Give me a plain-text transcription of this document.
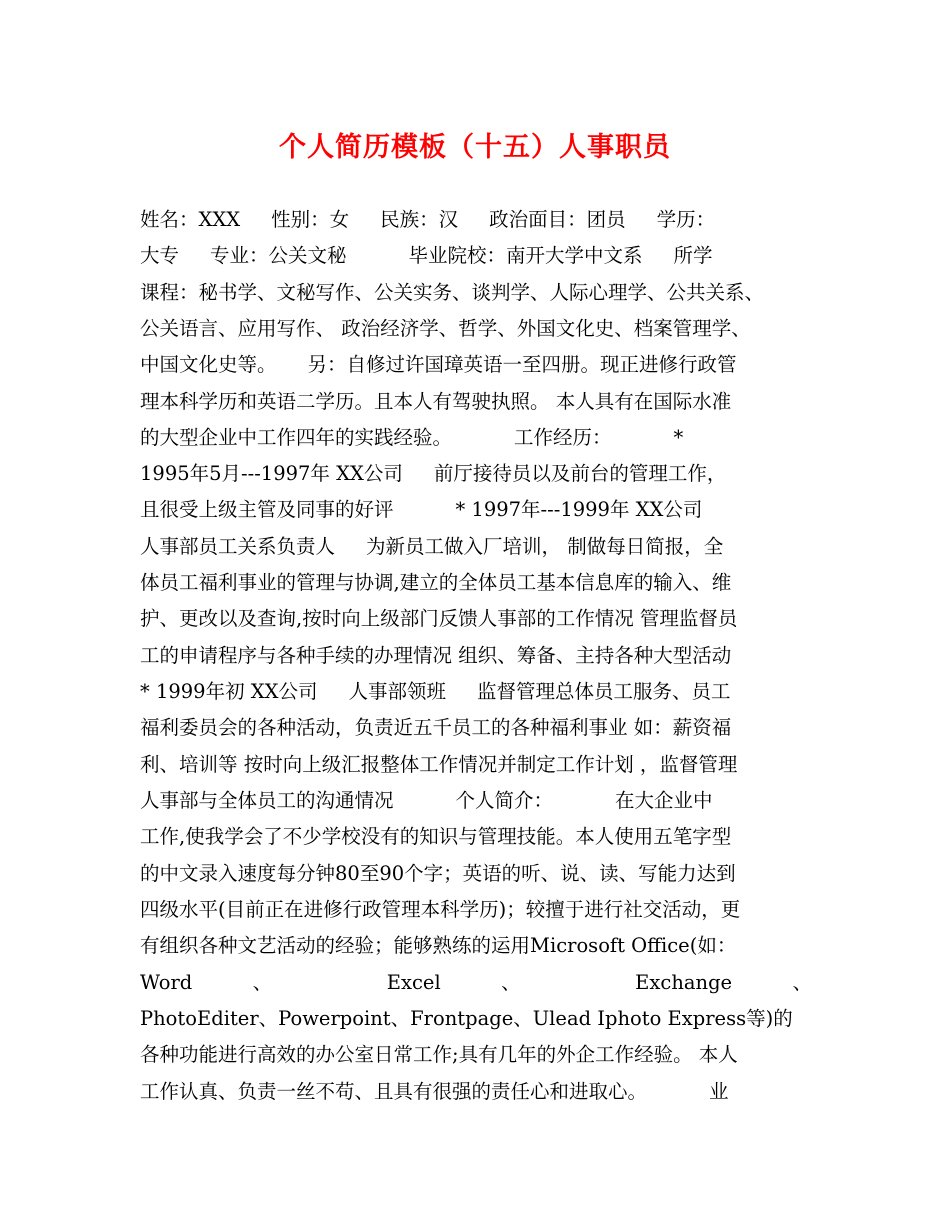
个人简历模板（十五）人事职员
姓名：XXX     性别：女     民族：汉     政治面目：团员     学历：
大专     专业：公关文秘          毕业院校：南开大学中文系     所学
课程：秘书学、文秘写作、公关实务、谈判学、人际心理学、公共关系、
公关语言、应用写作、 政治经济学、哲学、外国文化史、档案管理学、
中国文化史等。     另：自修过许国璋英语一至四册。现正进修行政管
理本科学历和英语二学历。且本人有驾驶执照。 本人具有在国际水准
的大型企业中工作四年的实践经验。          工作经历：          *
1995年5月---1997年 XX公司     前厅接待员以及前台的管理工作，
且很受上级主管及同事的好评          * 1997年---1999年 XX公司
人事部员工关系负责人     为新员工做入厂培训， 制做每日简报，全
体员工福利事业的管理与协调,建立的全体员工基本信息库的输入、维
护、更改以及查询,按时向上级部门反馈人事部的工作情况 管理监督员
工的申请程序与各种手续的办理情况 组织、筹备、主持各种大型活动
* 1999年初 XX公司     人事部领班     监督管理总体员工服务、员工
福利委员会的各种活动，负责近五千员工的各种福利事业 如：薪资福
利、培训等 按时向上级汇报整体工作情况并制定工作计划 ，监督管理
人事部与全体员工的沟通情况          个人简介：          在大企业中
工作,使我学会了不少学校没有的知识与管理技能。本人使用五笔字型
的中文录入速度每分钟80至90个字；英语的听、说、读、写能力达到
四级水平(目前正在进修行政管理本科学历)；较擅于进行社交活动，更
有组织各种文艺活动的经验；能够熟练的运用Microsoft Office(如：
Word 、 Excel 、 Exchange 、
PhotoEditer、Powerpoint、Frontpage、Ulead Iphoto Express等)的
各种功能进行高效的办公室日常工作;具有几年的外企工作经验。 本人
工作认真、负责一丝不苟、且具有很强的责任心和进取心。          业
